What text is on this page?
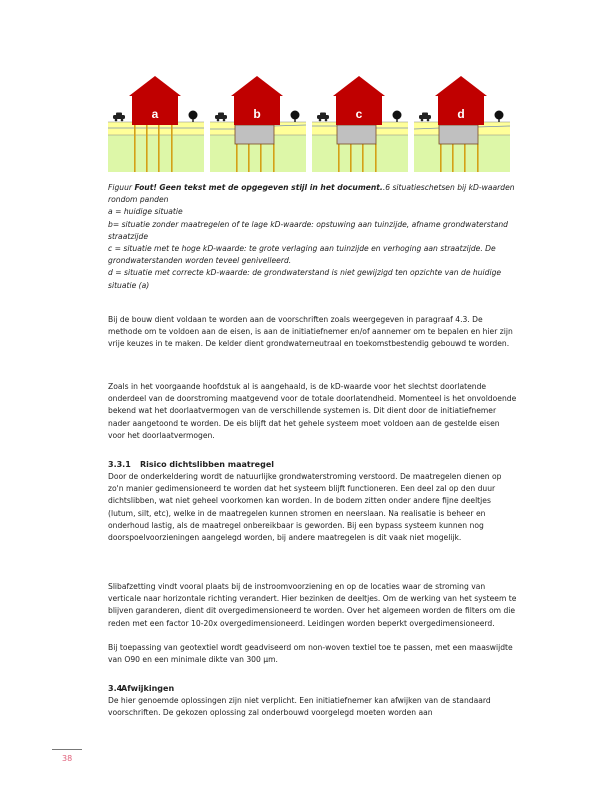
a	b	c	d
Figuur Fout! Geen tekst met de opgegeven stijl in het document..6 situatieschetsen bij kD-waarden rondom panden
a = huidige situatie
b= situatie zonder maatregelen of te lage kD-waarde: opstuwing aan tuinzijde, afname grondwaterstand straatzijde
c = situatie met te hoge kD-waarde: te grote verlaging aan tuinzijde en verhoging aan straatzijde. De grondwaterstanden worden teveel genivelleerd.
d = situatie met correcte kD-waarde: de grondwaterstand is niet gewijzigd ten opzichte van de huidige situatie (a)

Bij de bouw dient voldaan te worden aan de voorschriften zoals weergegeven in paragraaf 4.3. De methode om te voldoen aan de eisen, is aan de initiatiefnemer en/of aannemer om te bepalen en hier zijn vrije keuzes in te maken. De kelder dient grondwaterneutraal en toekomstbestendig gebouwd te worden.

Zoals in het voorgaande hoofdstuk al is aangehaald, is de kD-waarde voor het slechtst doorlatende onderdeel van de doorstroming maatgevend voor de totale doorlatendheid. Momenteel is het onvoldoende bekend wat het doorlaatvermogen van de verschillende systemen is. Dit dient door de initiatiefnemer nader aangetoond te worden. De eis blijft dat het gehele systeem moet voldoen aan de gestelde eisen voor het doorlaatvermogen.

3.3.1 Risico dichtslibben maatregel

Door de onderkeldering wordt de natuurlijke grondwaterstroming verstoord. De maatregelen dienen op zo'n manier gedimensioneerd te worden dat het systeem blijft functioneren. Een deel zal op den duur dichtslibben, wat niet geheel voorkomen kan worden. In de bodem zitten onder andere fijne deeltjes (lutum, silt, etc), welke in de maatregelen kunnen stromen en neerslaan. Na realisatie is beheer en onderhoud lastig, als de maatregel onbereikbaar is geworden. Bij een bypass systeem kunnen nog doorspoelvoorzieningen aangelegd worden, bij andere maatregelen is dit vaak niet mogelijk.

Slibafzetting vindt vooral plaats bij de instroomvoorziening en op de locaties waar de stroming van verticale naar horizontale richting verandert. Hier bezinken de deeltjes. Om de werking van het systeem te blijven garanderen, dient dit overgedimensioneerd te worden. Over het algemeen worden de filters om die reden met een factor 10-20x overgedimensioneerd. Leidingen worden beperkt overgedimensioneerd.

Bij toepassing van geotextiel wordt geadviseerd om non-woven textiel toe te passen, met een maaswijdte van O90 en een minimale dikte van 300 µm.

3.4Afwijkingen

De hier genoemde oplossingen zijn niet verplicht. Een initiatiefnemer kan afwijken van de standaard voorschriften. De gekozen oplossing zal onderbouwd voorgelegd moeten worden aan

38
